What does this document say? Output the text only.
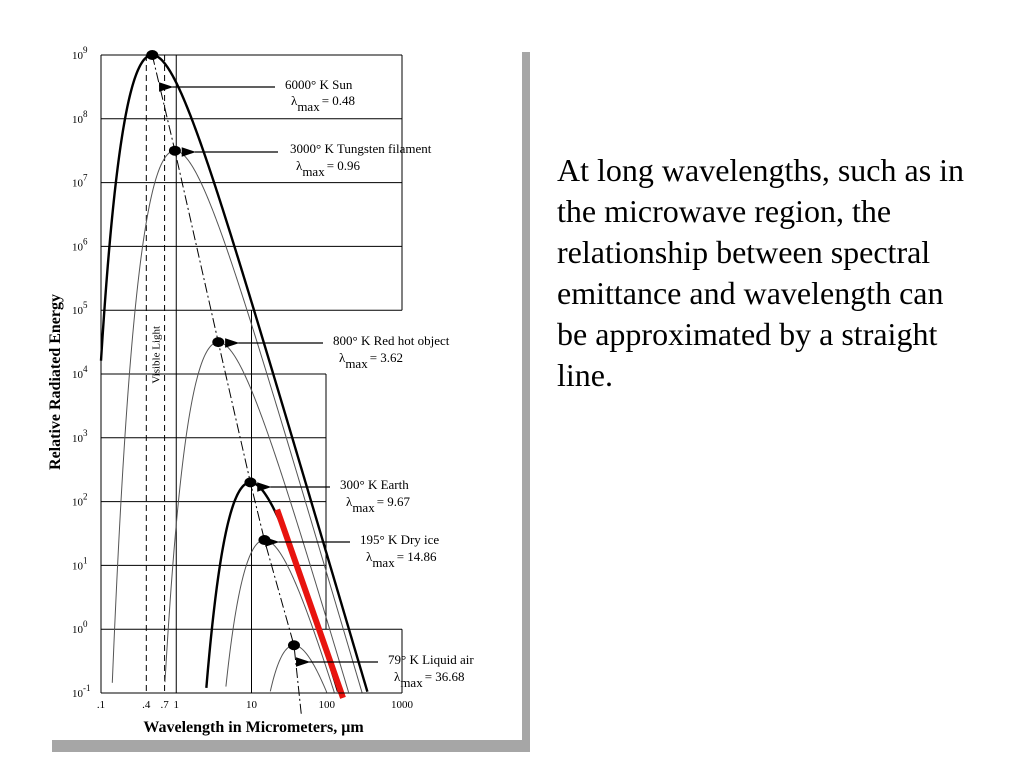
Visible Light
6000° K Sun
λmax = 0.48
3000° K Tungsten filament
λmax = 0.96
800° K Red hot object
λmax = 3.62
300° K Earth
λmax = 9.67
195° K Dry ice
λmax = 14.86
79° K Liquid air
λmax = 36.68
$10^{-1}$
$10^0$
$10^1$
$10^2$
$10^3$
$10^4$
$10^5$
$10^6$
$10^7$
$10^8$
$10^9$
.1	.4 .7 1	10	100	1000
Wavelength in Micrometers, μm
Relative Radiated Energy
At long wavelengths, such as in the microwave region, the relationship between spectral emittance and wavelength can be approximated by a straight line.
